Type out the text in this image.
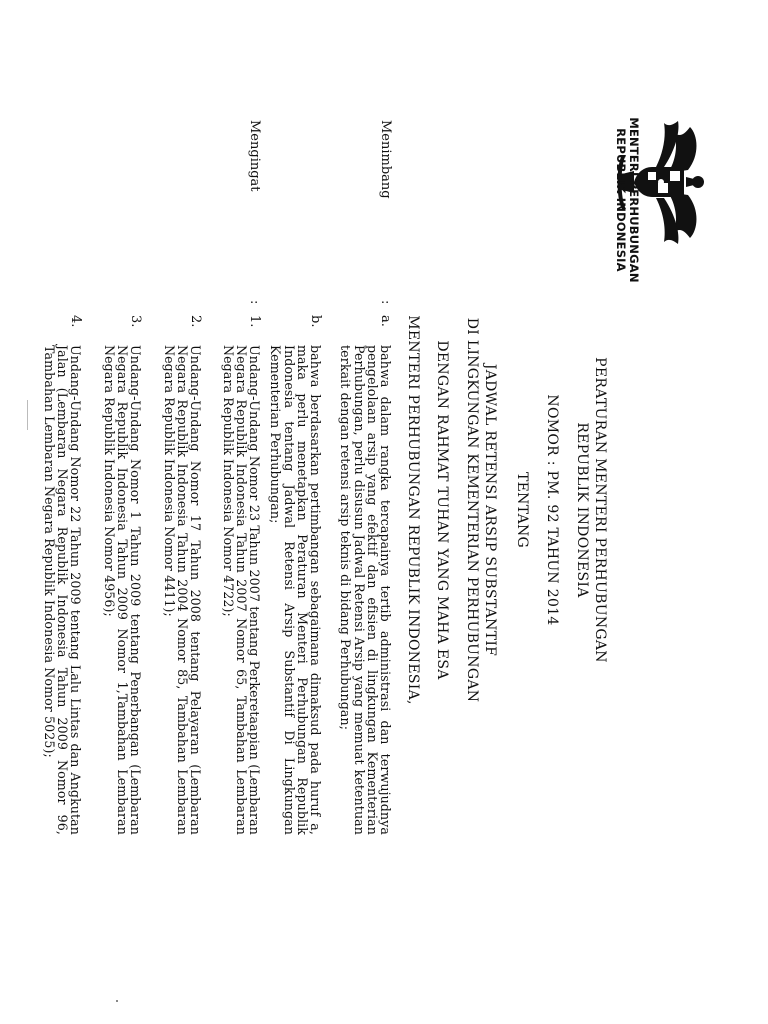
MENTERI PERHUBUNGAN
REPUBLIK INDONESIA
PERATURAN MENTERI PERHUBUNGAN
REPUBLIK INDONESIA
NOMOR : PM. 92 TAHUN 2014
TENTANG
JADWAL RETENSI ARSIP SUBSTANTIF
DI LINGKUNGAN KEMENTERIAN PERHUBUNGAN
DENGAN RAHMAT TUHAN YANG MAHA ESA
MENTERI PERHUBUNGAN REPUBLIK INDONESIA,
Menimbang
:
a.
bahwa dalam rangka tercapainya tertib administrasi dan terwujudnya pengelolaan arsip yang efektif dan efisien di lingkungan Kementerian Perhubungan, perlu disusun Jadwal Retensi Arsip yang memuat ketentuan terkait dengan retensi arsip teknis di bidang Perhubungan;
b.
bahwa berdasarkan pertimbangan sebagaimana dimaksud pada huruf a, maka perlu menetapkan Peraturan Menteri Perhubungan Republik Indonesia tentang Jadwal Retensi Arsip Substantif Di Lingkungan Kementerian Perhubungan;
Mengingat
:
1.
Undang-Undang Nomor 23 Tahun 2007 tentang Perkeretaapian (Lembaran Negara Republik Indonesia Tahun 2007 Nomor 65, Tambahan Lembaran Negara Republik Indonesia Nomor 4722);
2.
Undang-Undang Nomor 17 Tahun 2008 tentang Pelayaran (Lembaran Negara Republik Indonesia Tahun 2004 Nomor 85, Tambahan Lembaran Negara Republik Indonesia Nomor 4411);
3.
Undang-Undang Nomor 1 Tahun 2009 tentang Penerbangan (Lembaran Negara Republik Indonesia Tahun 2009 Nomor 1,Tambahan Lembaran Negara Republik Indonesia Nomor 4956);
4.
Undang-Undang Nomor 22 Tahun 2009 tentang Lalu Lintas dan Angkutan Jalan (Lembaran Negara Republik Indonesia Tahun 2009 Nomor 96, Tambahan Lembaran Negara Republik Indonesia Nomor 5025);
